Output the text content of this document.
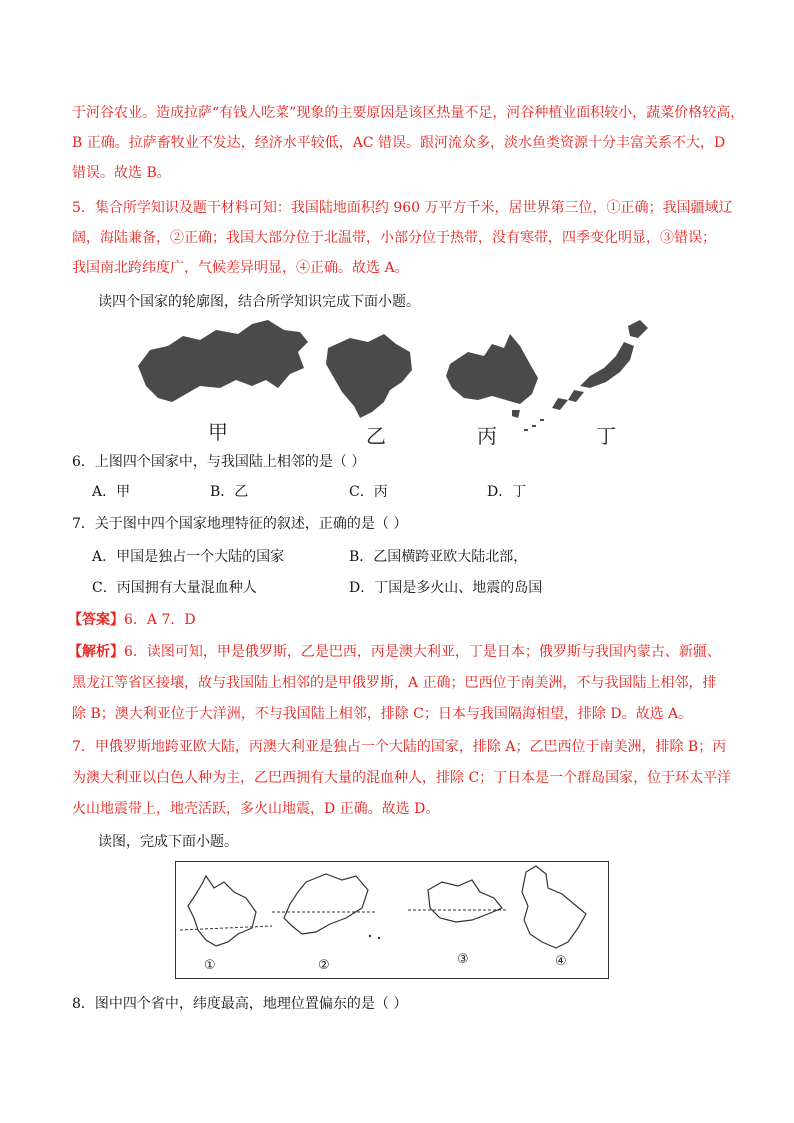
于河谷农业。造成拉萨“有钱人吃菜”现象的主要原因是该区热量不足，河谷种植业面积较小，蔬菜价格较高，
B 正确。拉萨畜牧业不发达，经济水平较低，AC 错误。跟河流众多，淡水鱼类资源十分丰富关系不大，D
错误。故选 B。
5．集合所学知识及题干材料可知：我国陆地面积约 960 万平方千米，居世界第三位，①正确；我国疆域辽
阔，海陆兼备，②正确；我国大部分位于北温带，小部分位于热带，没有寒带，四季变化明显，③错误；
我国南北跨纬度广，气候差异明显，④正确。故选 A。
读四个国家的轮廓图，结合所学知识完成下面小题。
甲	乙	丙	丁
6．上图四个国家中，与我国陆上相邻的是（ ）
A．甲	B．乙	C．丙	D．丁
7．关于图中四个国家地理特征的叙述，正确的是（ ）
A．甲国是独占一个大陆的国家	B．乙国横跨亚欧大陆北部，
C．丙国拥有大量混血种人	D．丁国是多火山、地震的岛国
【答案】6．A 7．D
【解析】6．读图可知，甲是俄罗斯，乙是巴西，丙是澳大利亚，丁是日本；俄罗斯与我国内蒙古、新疆、
黑龙江等省区接壤，故与我国陆上相邻的是甲俄罗斯，A 正确；巴西位于南美洲，不与我国陆上相邻，排
除 B；澳大利亚位于大洋洲，不与我国陆上相邻，排除 C；日本与我国隔海相望，排除 D。故选 A。
7．甲俄罗斯地跨亚欧大陆，丙澳大利亚是独占一个大陆的国家，排除 A；乙巴西位于南美洲，排除 B；丙
为澳大利亚以白色人种为主，乙巴西拥有大量的混血种人，排除 C；丁日本是一个群岛国家，位于环太平洋
火山地震带上，地壳活跃，多火山地震，D 正确。故选 D。
读图，完成下面小题。
①	②	③	④
8．图中四个省中，纬度最高，地理位置偏东的是（ ）
